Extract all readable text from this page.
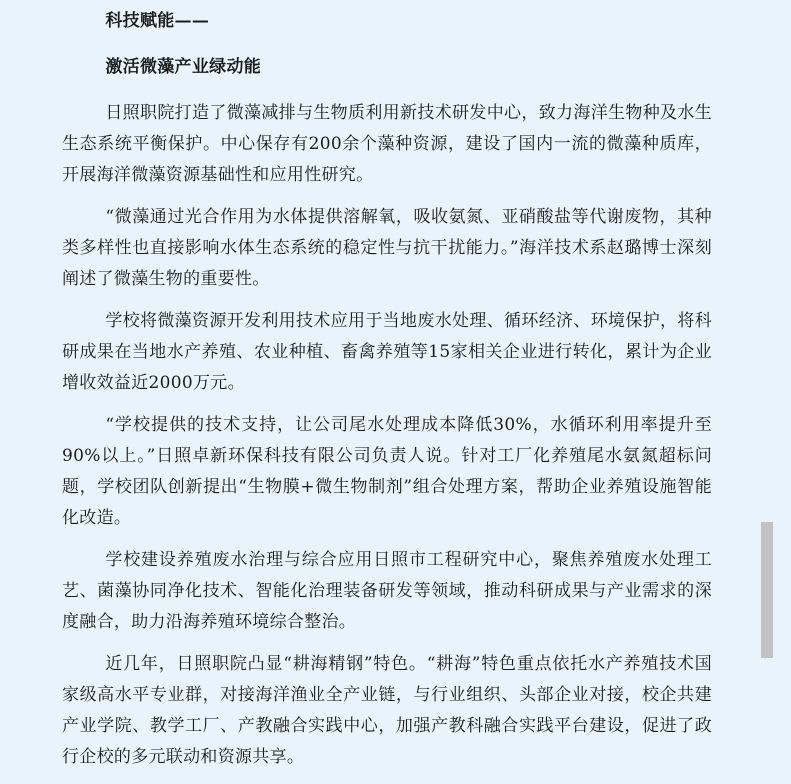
科技赋能——

激活微藻产业绿动能

日照职院打造了微藻减排与生物质利用新技术研发中心，致力海洋生物种及水生生态系统平衡保护。中心保存有200余个藻种资源，建设了国内一流的微藻种质库，开展海洋微藻资源基础性和应用性研究。

“微藻通过光合作用为水体提供溶解氧，吸收氨氮、亚硝酸盐等代谢废物，其种类多样性也直接影响水体生态系统的稳定性与抗干扰能力。”海洋技术系赵璐博士深刻阐述了微藻生物的重要性。

学校将微藻资源开发利用技术应用于当地废水处理、循环经济、环境保护，将科研成果在当地水产养殖、农业种植、畜禽养殖等15家相关企业进行转化，累计为企业增收效益近2000万元。

“学校提供的技术支持，让公司尾水处理成本降低30%，水循环利用率提升至90%以上。”日照卓新环保科技有限公司负责人说。针对工厂化养殖尾水氨氮超标问题，学校团队创新提出“生物膜+微生物制剂”组合处理方案，帮助企业养殖设施智能化改造。

学校建设养殖废水治理与综合应用日照市工程研究中心，聚焦养殖废水处理工艺、菌藻协同净化技术、智能化治理装备研发等领域，推动科研成果与产业需求的深度融合，助力沿海养殖环境综合整治。

近几年，日照职院凸显“耕海精钢”特色。“耕海”特色重点依托水产养殖技术国家级高水平专业群，对接海洋渔业全产业链，与行业组织、头部企业对接，校企共建产业学院、教学工厂、产教融合实践中心，加强产教科融合实践平台建设，促进了政行企校的多元联动和资源共享。
